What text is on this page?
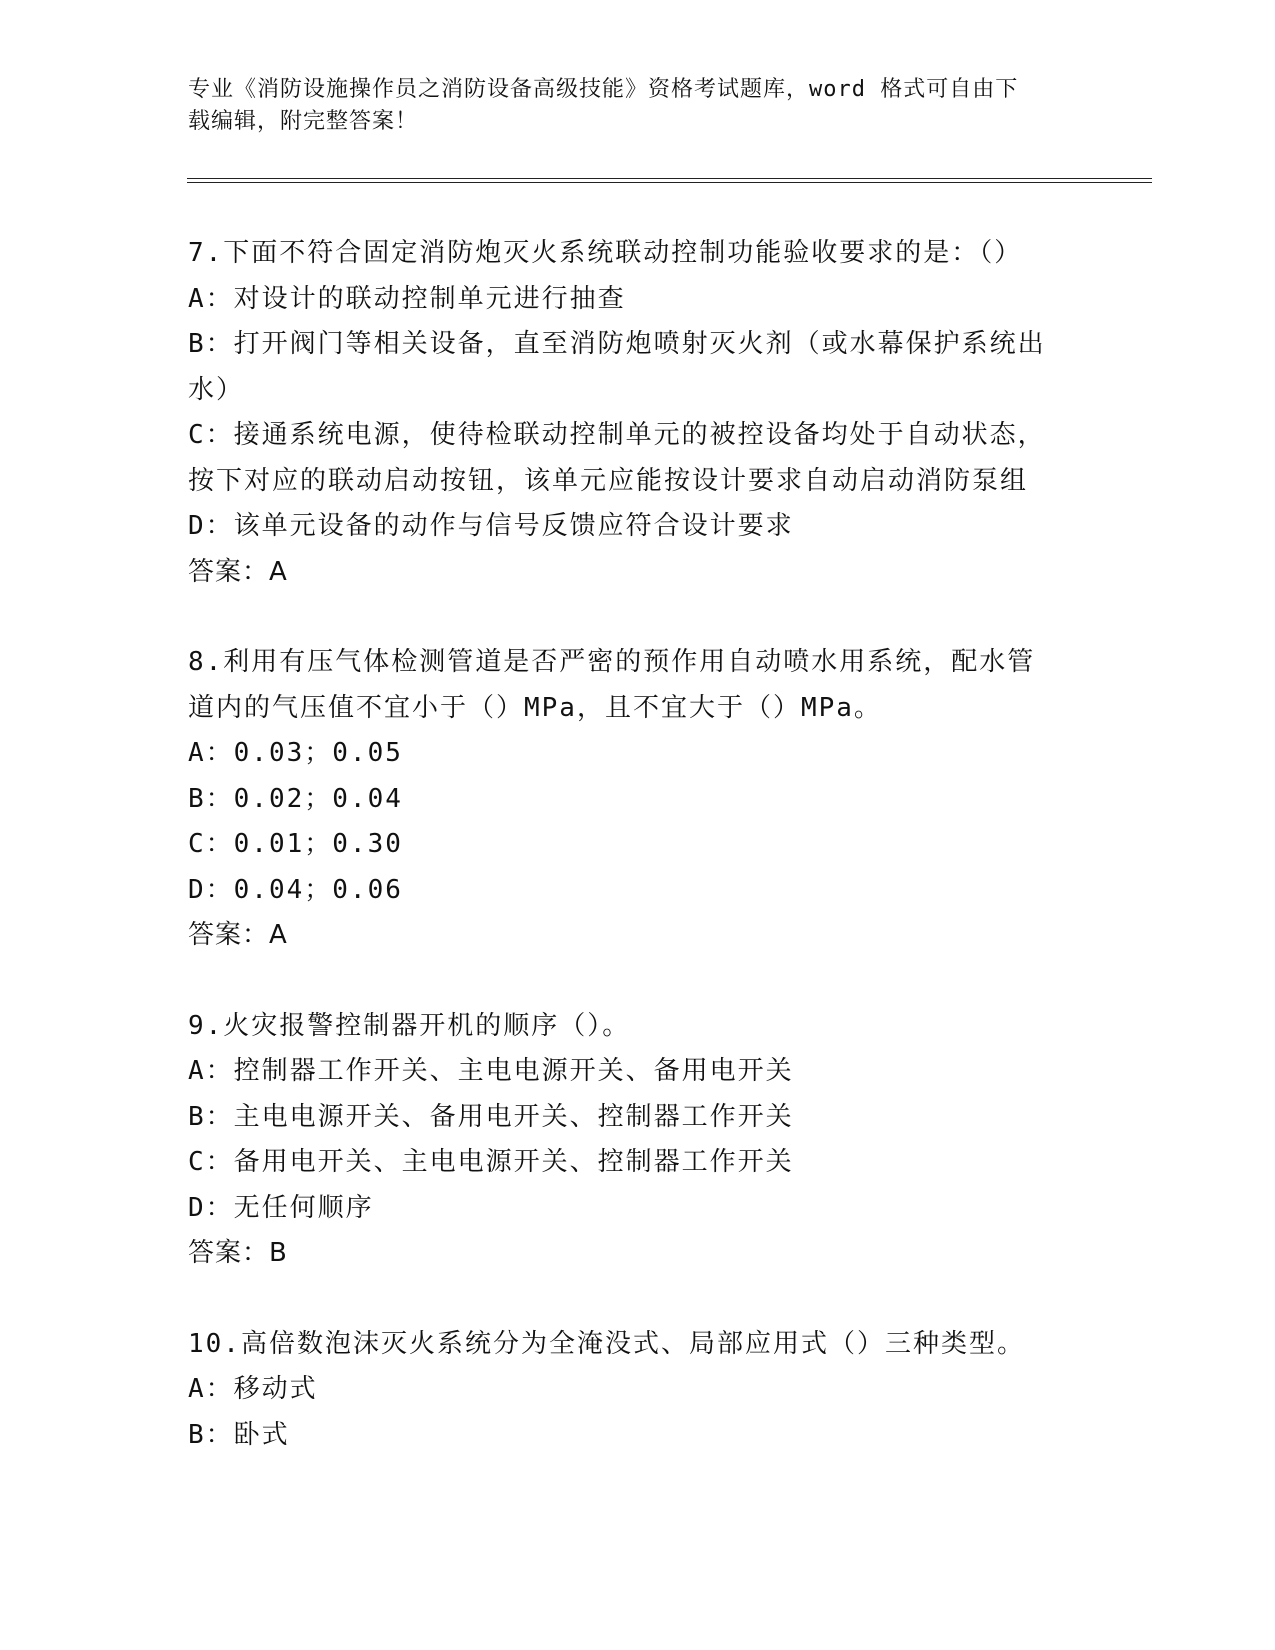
专业《消防设施操作员之消防设备高级技能》资格考试题库，word 格式可自由下
载编辑，附完整答案！

7.下面不符合固定消防炮灭火系统联动控制功能验收要求的是：（）

A：对设计的联动控制单元进行抽查

B：打开阀门等相关设备，直至消防炮喷射灭火剂（或水幕保护系统出

水）

C：接通系统电源，使待检联动控制单元的被控设备均处于自动状态，

按下对应的联动启动按钮，该单元应能按设计要求自动启动消防泵组

D：该单元设备的动作与信号反馈应符合设计要求

答案：A

8.利用有压气体检测管道是否严密的预作用自动喷水用系统，配水管

道内的气压值不宜小于（）MPa，且不宜大于（）MPa。

A：0.03；0.05

B：0.02；0.04

C：0.01；0.30

D：0.04；0.06

答案：A

9.火灾报警控制器开机的顺序（）。

A：控制器工作开关、主电电源开关、备用电开关

B：主电电源开关、备用电开关、控制器工作开关

C：备用电开关、主电电源开关、控制器工作开关

D：无任何顺序

答案：B

10.高倍数泡沫灭火系统分为全淹没式、局部应用式（）三种类型。

A：移动式

B：卧式
